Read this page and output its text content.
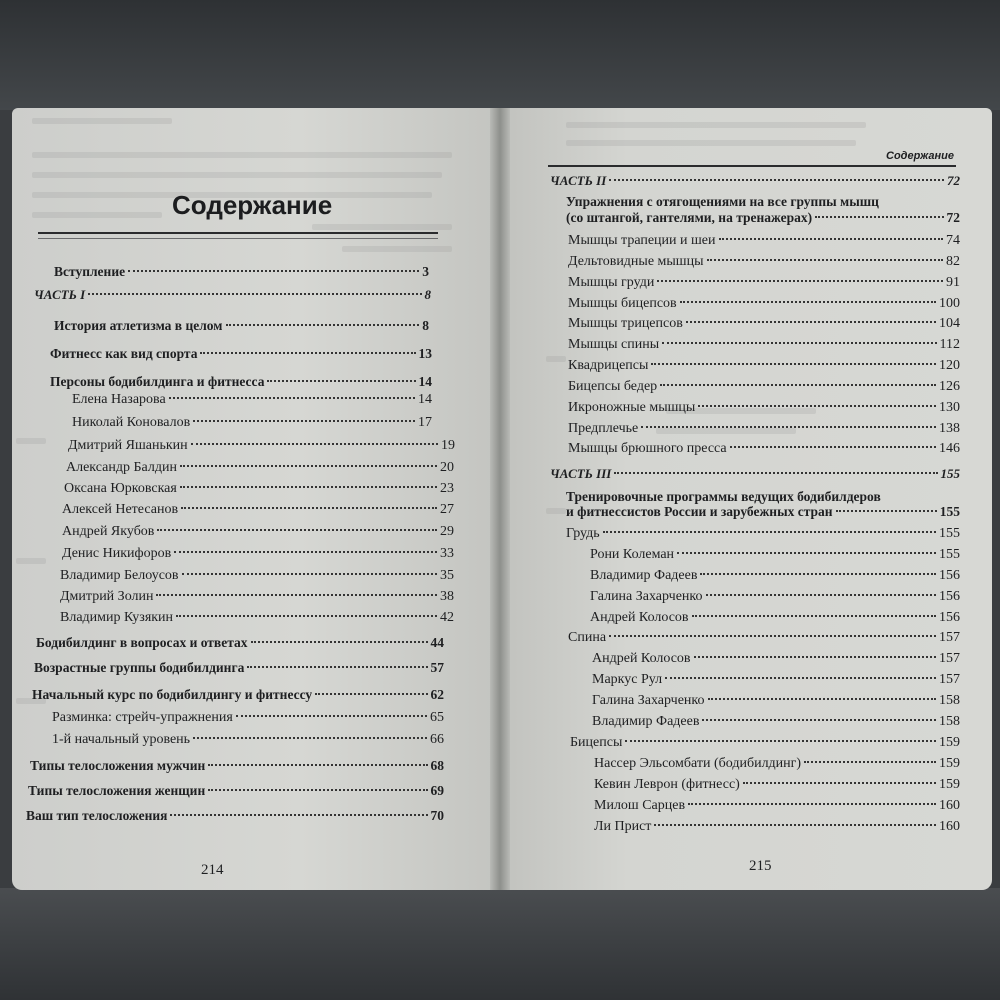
Содержание
Вступление	3
ЧАСТЬ I	8
История атлетизма в целом	8
Фитнесс как вид спорта	13
Персоны бодибилдинга и фитнесса	14
Елена Назарова	14
Николай Коновалов	17
Дмитрий Яшанькин	19
Александр Балдин	20
Оксана Юрковская	23
Алексей Нетесанов	27
Андрей Якубов	29
Денис Никифоров	33
Владимир Белоусов	35
Дмитрий Золин	38
Владимир Кузякин	42
Бодибилдинг в вопросах и ответах	44
Возрастные группы бодибилдинга	57
Начальный курс по бодибилдингу и фитнессу	62
Разминка: стрейч-упражнения	65
1-й начальный уровень	66
Типы телосложения мужчин	68
Типы телосложения женщин	69
Ваш тип телосложения	70
214
Содержание
ЧАСТЬ II	72
Упражнения с отягощениями на все группы мышц
(со штангой, гантелями, на тренажерах)	72
Мышцы трапеции и шеи	74
Дельтовидные мышцы	82
Мышцы груди	91
Мышцы бицепсов	100
Мышцы трицепсов	104
Мышцы спины	112
Квадрицепсы	120
Бицепсы бедер	126
Икроножные мышцы	130
Предплечье	138
Мышцы брюшного пресса	146
ЧАСТЬ III	155
Тренировочные программы ведущих бодибилдеров
и фитнессистов России и зарубежных стран	155
Грудь	155
Рони Колеман	155
Владимир Фадеев	156
Галина Захарченко	156
Андрей Колосов	156
Спина	157
Андрей Колосов	157
Маркус Рул	157
Галина Захарченко	158
Владимир Фадеев	158
Бицепсы	159
Нассер Эльсомбати (бодибилдинг)	159
Кевин Леврон (фитнесс)	159
Милош Сарцев	160
Ли Прист	160
215
